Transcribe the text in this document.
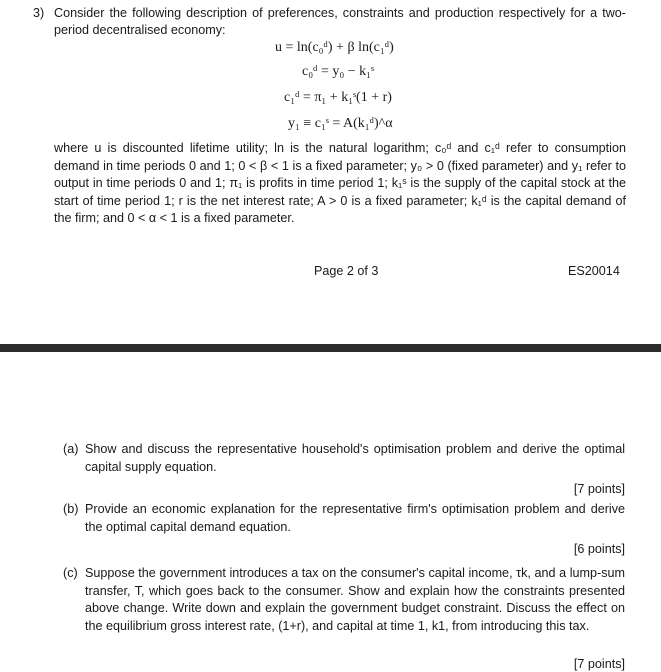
3) Consider the following description of preferences, constraints and production respectively for a two-period decentralised economy:
u = ln(c₀ᵈ) + β ln(c₁ᵈ)
c₀ᵈ = y₀ − k₁ˢ
c₁ᵈ = π₁ + k₁ˢ(1 + r)
y₁ ≡ c₁ˢ = A(k₁ᵈ)^α
where u is discounted lifetime utility; ln is the natural logarithm; c₀ᵈ and c₁ᵈ refer to consumption demand in time periods 0 and 1; 0 < β < 1 is a fixed parameter; y₀ > 0 (fixed parameter) and y₁ refer to output in time periods 0 and 1; π₁ is profits in time period 1; k₁ˢ is the supply of the capital stock at the start of time period 1; r is the net interest rate; A > 0 is a fixed parameter; k₁ᵈ is the capital demand of the firm; and 0 < α < 1 is a fixed parameter.
Page 2 of 3	ES20014
(a) Show and discuss the representative household's optimisation problem and derive the optimal capital supply equation.
[7 points]
(b) Provide an economic explanation for the representative firm's optimisation problem and derive the optimal capital demand equation.
[6 points]
(c) Suppose the government introduces a tax on the consumer's capital income, τk, and a lump-sum transfer, T, which goes back to the consumer. Show and explain how the constraints presented above change. Write down and explain the government budget constraint. Discuss the effect on the equilibrium gross interest rate, (1+r), and capital at time 1, k1, from introducing this tax.
[7 points]
